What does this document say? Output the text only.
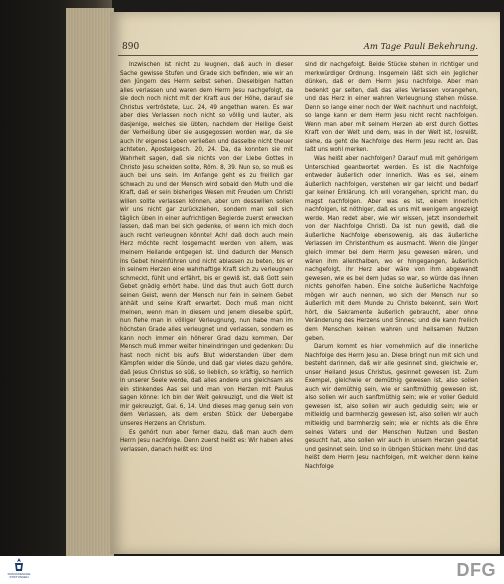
890	Am Tage Pauli Bekehrung.

Inzwischen ist nicht zu leugnen, daß auch in dieser Sache gewisse Stufen und Grade sich befinden, wie wir an den Jüngern des Herrn selbst sehen. Dieselbigen hatten alles verlassen und waren dem Herrn Jesu nachgefolgt, da sie doch noch nicht mit der Kraft aus der Höhe, darauf sie Christus vertröstete, Luc. 24, 49 angethan waren. Es war aber dies Verlassen noch nicht so völlig und lauter, als dasjenige, welches sie übten, nachdem der Heilige Geist der Verheißung über sie ausgegossen worden war, da sie auch ihr eigenes Leben verließen und dasselbe nicht theuer achteten, Apostelgesch. 20, 24. Da, da konnten sie mit Wahrheit sagen, daß sie nichts von der Liebe Gottes in Christo Jesu scheiden sollte, Röm. 8, 39. Nun so, so muß es auch bei uns sein. Im Anfange geht es zu freilich gar schwach zu und der Mensch wird sobald den Muth und die Kraft, daß er sein bisheriges Wesen mit Freuden um Christi willen sollte verlassen können, aber um desswillen sollen wir uns nicht gar zurückziehen, sondern man soll sich täglich üben in einer aufrichtigen Begierde zuerst erwecken lassen, daß man bei sich gedenke, o! wenn ich mich doch auch recht verleugnen könnte! Ach! daß doch auch mein Herz möchte recht losgemacht werden von allem, was meinem Heilande entgegen ist. Und dadurch der Mensch ins Gebet hineinführen und nicht ablassen zu beten, bis er in seinem Herzen eine wahrhaftige Kraft sich zu verleugnen schmeckt, fühlt und erfährt, bis er gewiß ist, daß Gott sein Gebet gnädig erhört habe. Und das thut auch Gott durch seinen Geist, wenn der Mensch nur fein in seinem Gebet anhält und seine Kraft erwartet. Doch muß man nicht meinen, wenn man in diesem und jenem dieselbe spürt, nun fiehe man in völliger Verleugnung, nun habe man im höchsten Grade alles verleugnet und verlassen, sondern es kann noch immer ein höherer Grad dazu kommen. Der Mensch muß immer weiter hineindringen und gedenken: Du hast noch nicht bis aufs Blut widerstanden über dem Kämpfen wider die Sünde, und daß gar vieles dazu gehöre, daß Jesus Christus so süß, so lieblich, so kräftig, so herrlich in unserer Seele werde, daß alles andere uns gleichsam als ein stinkendes Aas sei und man von Herzen mit Paulus sagen könne: Ich bin der Welt gekreuzigt, und die Welt ist mir gekreuzigt, Gal. 6, 14. Und dieses mag genug sein von dem Verlassen, als dem ersten Stück der Uebergabe unseres Herzens an Christum.

Es gehört nun aber ferner dazu, daß man auch dem Herrn Jesu nachfolge. Denn zuerst heißt es: Wir haben alles verlassen, danach heißt es: Und

sind dir nachgefolgt. Beide Stücke stehen in richtiger und merkwürdiger Ordnung. Insgemein läßt sich ein Jeglicher dünken, daß er dem Herrn Jesu nachfolge. Aber man bedenkt gar selten, daß das alles Verlassen vorangehen, und das Herz in einer wahren Verleugnung stehen müsse. Denn so lange einer noch der Welt nachhurt und nachfolgt, so lange kann er dem Herrn Jesu nicht recht nachfolgen. Wenn man aber mit seinem Herzen ab erst durch Gottes Kraft von der Welt und dem, was in der Welt ist, losreißt, siehe, da geht die Nachfolge des Herrn Jesu recht an. Das laßt uns wohl merken.

Was heißt aber nachfolgen? Darauf muß mit gehörigem Unterschied geantwortet werden. Es ist die Nachfolge entweder äußerlich oder innerlich. Was es sei, einem äußerlich nachfolgen, verstehen wir gar leicht und bedarf gar keiner Erklärung. Ich will vorangehen, spricht man, du magst nachfolgen. Aber was es ist, einem innerlich nachfolgen, ist nöthiger, daß es uns mit wenigem angezeigt werde. Man redet aber, wie wir wissen, jetzt insonderheit von der Nachfolge Christi. Da ist nun gewiß, daß die äußerliche Nachfolge ebensowenig, als das äußerliche Verlassen im Christenthum es ausmacht. Wenn die Jünger gleich immer bei dem Herrn Jesu gewesen wären, und wären ihm allenthalben, wo er hingegangen, äußerlich nachgefolgt, ihr Herz aber wäre von ihm abgewandt gewesen, wie es bei dem Judas so war, so würde das ihnen nichts geholfen haben. Eine solche äußerliche Nachfolge mögen wir auch nennen, wo sich der Mensch nur so äußerlich mit dem Munde zu Christo bekennt, sein Wort hört, die Sakramente äußerlich gebraucht, aber ohne Veränderung des Herzens und Sinnes; und die kann freilich dem Menschen keinen wahren und heilsamen Nutzen geben.

Darum kommt es hier vornehmlich auf die innerliche Nachfolge des Herrn Jesu an. Diese bringt nun mit sich und besteht darinnen, daß wir alle gesinnet sind, gleichwie er, unser Heiland Jesus Christus, gesinnet gewesen ist. Zum Exempel, gleichwie er demüthig gewesen ist, also sollen auch wir demüthig sein, wie er sanftmüthig gewesen ist, also sollen wir auch sanftmüthig sein; wie er voller Geduld gewesen ist, also sollen wir auch geduldig sein; wie er mitleidig und barmherzig gewesen ist, also sollen wir auch mitleidig und barmherzig sein; wie er nichts als die Ehre seines Vaters und der Menschen Nutzen und Besten gesucht hat, also sollen wir auch in unsern Herzen geartet und gesinnet sein. Und so in übrigen Stücken mehr. Und das heißt dem Herrn Jesu nachfolgen, mit welcher denn keine Nachfolge

FRANCKESCHE STIFTUNGEN	DFG
